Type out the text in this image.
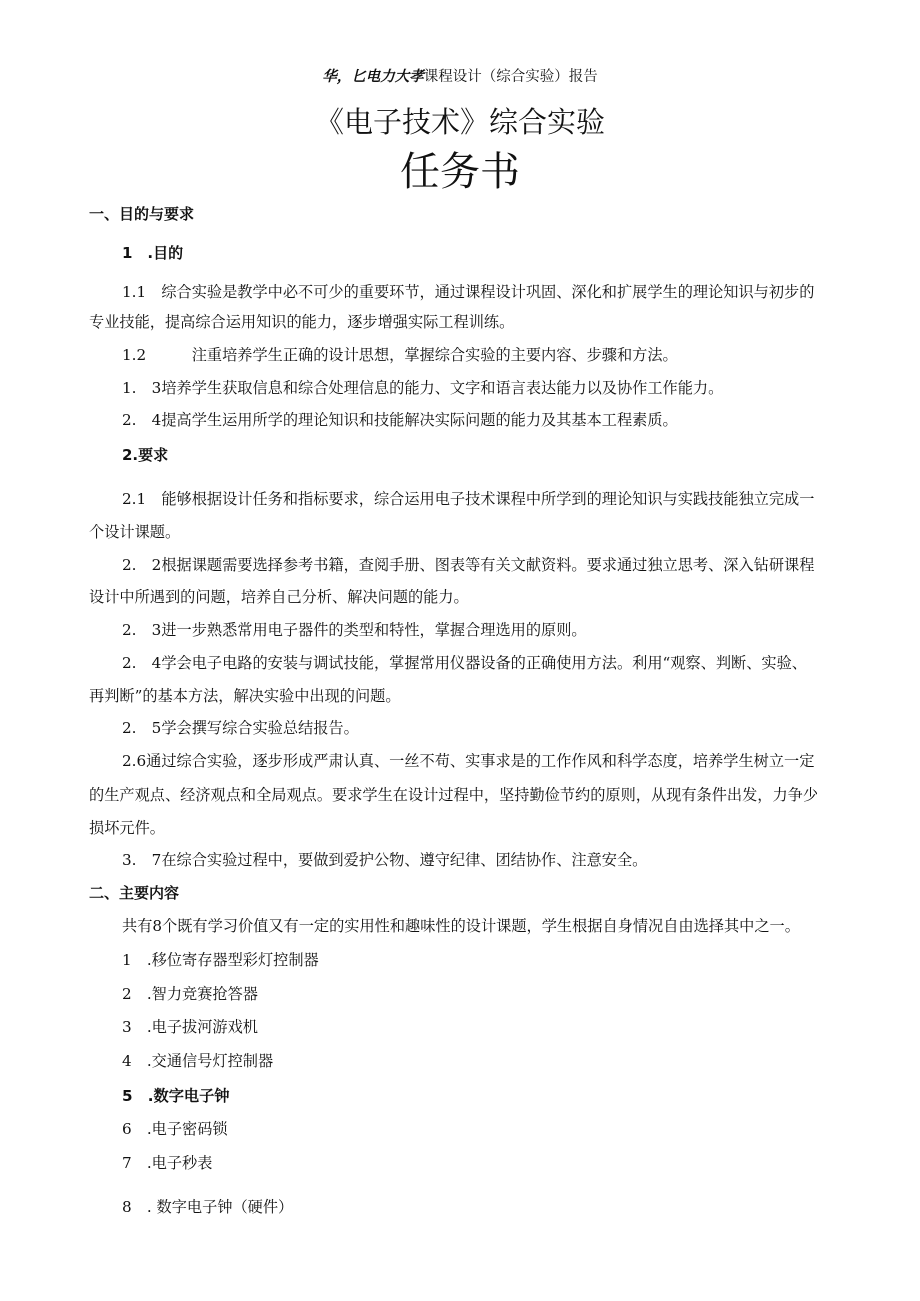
华，匕电力大孝课程设计（综合实验）报告
《电子技术》综合实验
任务书
一、目的与要求
1 .目的
1.1 综合实验是教学中必不可少的重要环节，通过课程设计巩固、深化和扩展学生的理论知识与初步的
专业技能，提高综合运用知识的能力，逐步增强实际工程训练。
1.2   注重培养学生正确的设计思想，掌握综合实验的主要内容、步骤和方法。
1. 3培养学生获取信息和综合处理信息的能力、文字和语言表达能力以及协作工作能力。
2. 4提高学生运用所学的理论知识和技能解决实际问题的能力及其基本工程素质。
2.要求
2.1 能够根据设计任务和指标要求，综合运用电子技术课程中所学到的理论知识与实践技能独立完成一
个设计课题。
2. 2根据课题需要选择参考书籍，查阅手册、图表等有关文献资料。要求通过独立思考、深入钻研课程
设计中所遇到的问题，培养自己分析、解决问题的能力。
2. 3进一步熟悉常用电子器件的类型和特性，掌握合理选用的原则。
2. 4学会电子电路的安装与调试技能，掌握常用仪器设备的正确使用方法。利用“观察、判断、实验、
再判断”的基本方法，解决实验中出现的问题。
2. 5学会撰写综合实验总结报告。
2.6通过综合实验，逐步形成严肃认真、一丝不苟、实事求是的工作作风和科学态度，培养学生树立一定
的生产观点、经济观点和全局观点。要求学生在设计过程中，坚持勤俭节约的原则，从现有条件出发，力争少
损坏元件。
3. 7在综合实验过程中，要做到爱护公物、遵守纪律、团结协作、注意安全。
二、主要内容
共有8个既有学习价值又有一定的实用性和趣味性的设计课题，学生根据自身情况自由选择其中之一。
1 .移位寄存器型彩灯控制器
2 .智力竞赛抢答器
3 .电子拔河游戏机
4 .交通信号灯控制器
5 .数字电子钟
6 .电子密码锁
7 .电子秒表
8 . 数字电子钟（硬件）
